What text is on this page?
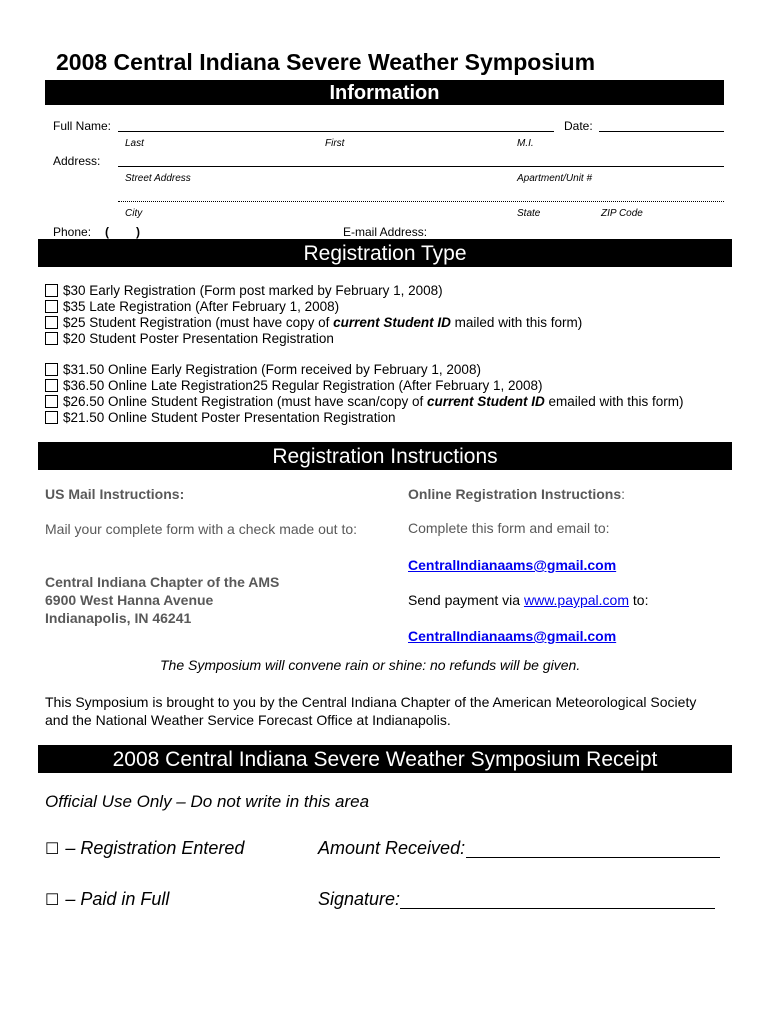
2008 Central Indiana Severe Weather Symposium
Information
Full Name:	Date:
Last	First	M.I.
Address:
Street Address	Apartment/Unit #
City	State	ZIP Code
Phone: ( )	E-mail Address:
Registration Type
$30 Early Registration (Form post marked by February 1, 2008)
$35 Late Registration (After February 1, 2008)
$25 Student Registration (must have copy of current Student ID mailed with this form)
$20 Student Poster Presentation Registration
$31.50 Online Early Registration (Form received by February 1, 2008)
$36.50 Online Late Registration25 Regular Registration (After February 1, 2008)
$26.50 Online Student Registration (must have scan/copy of current Student ID emailed with this form)
$21.50 Online Student Poster Presentation Registration
Registration Instructions
US Mail Instructions:
Mail your complete form with a check made out to:
Central Indiana Chapter of the AMS
6900 West Hanna Avenue
Indianapolis, IN 46241
Online Registration Instructions:
Complete this form and email to:
CentralIndianaams@gmail.com
Send payment via www.paypal.com to:
CentralIndianaams@gmail.com
The Symposium will convene rain or shine: no refunds will be given.
This Symposium is brought to you by the Central Indiana Chapter of the American Meteorological Society and the National Weather Service Forecast Office at Indianapolis.
2008 Central Indiana Severe Weather Symposium Receipt
Official Use Only – Do not write in this area
☐ – Registration Entered	Amount Received:
☐ – Paid in Full	Signature:
